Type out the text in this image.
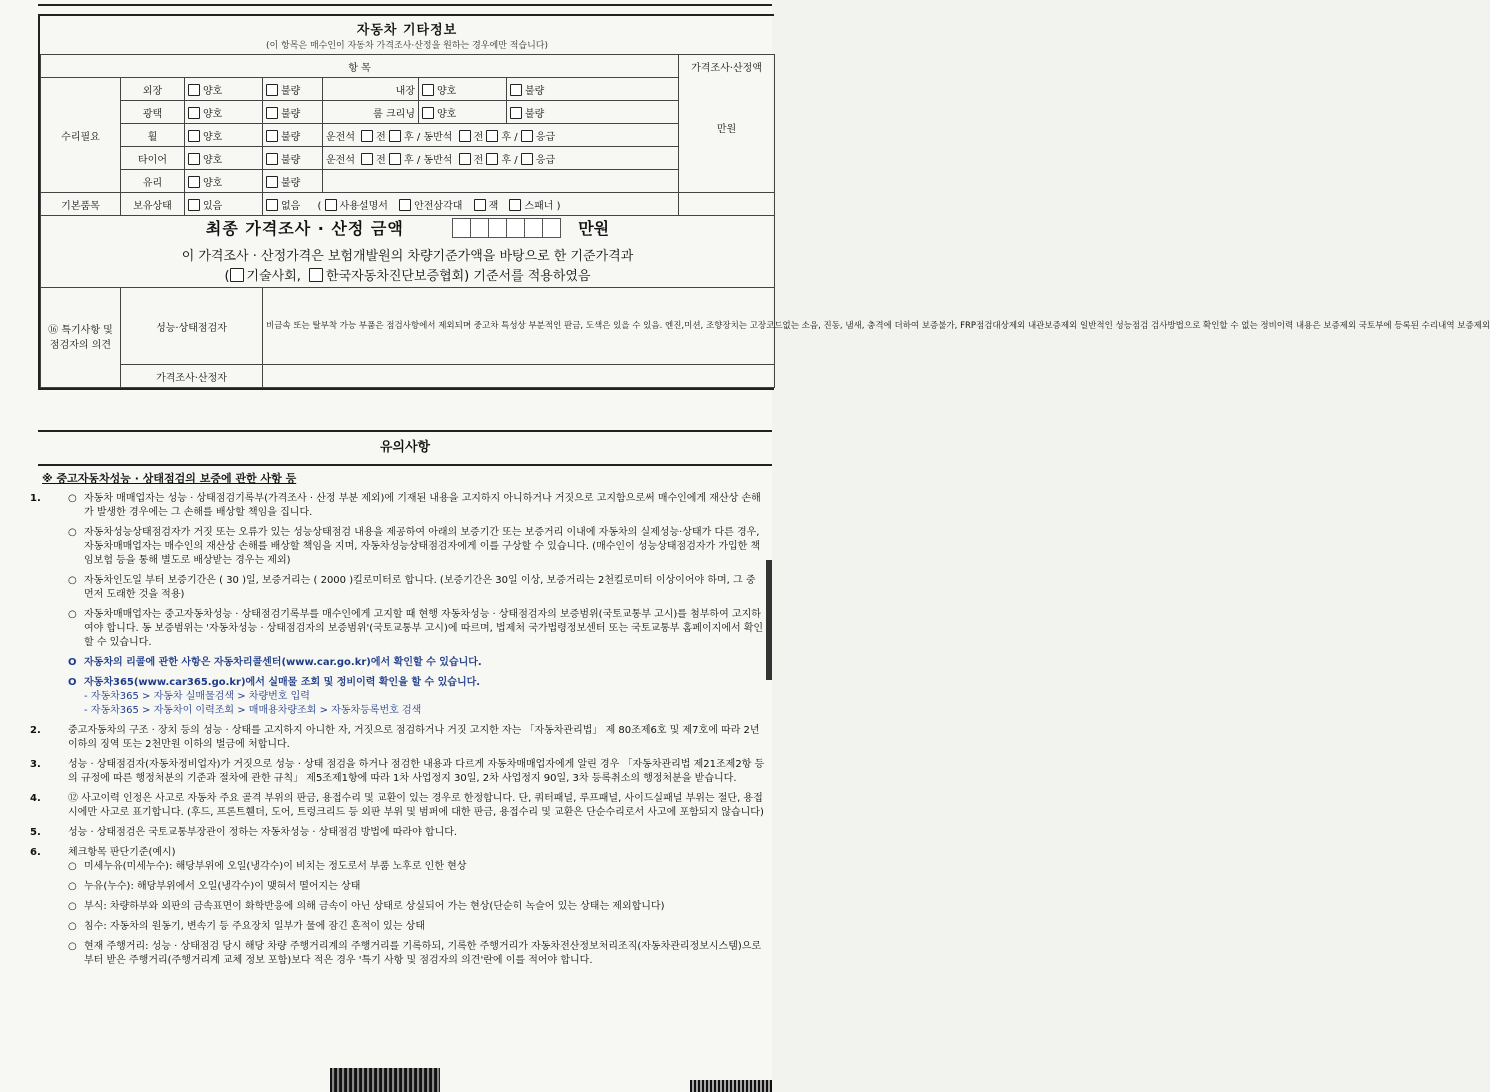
자동차 기타정보
(이 항목은 매수인이 자동차 가격조사·산정을 원하는 경우에만 적습니다)
항 목							가격조사·산정액
만원

수리필요	외장	양호	불량	내장	양호	불량	
	광택	양호	불량	룸 크리닝	양호	불량	
	휠	양호	불량	운전석 전 후 / 동반석 전 후 / 응급			
	타이어	양호	불량	운전석 전 후 / 동반석 전 후 / 응급			
	유리	양호	불량				
기본품목	보유상태	있음	없음 ( 사용설명서 안전삼각대 잭 스패너 )				

최종 가격조사 · 산정 금액 만원
이 가격조사 · 산정가격은 보험개발원의 차량기준가액을 바탕으로 한 기준가격과
( 기술사회, 한국자동차진단보증협회) 기준서를 적용하였음							

⑯ 특기사항 및 점검자의 의견	성능·상태점검자		비금속 또는 탈부착 가능 부품은 점검사항에서 제외되며 중고차 특성상 부분적인 판금, 도색은 있을 수 있음. 엔진,미션, 조향장치는 고장코드없는 소음, 진동, 냄새, 충격에 더하여 보증불가, FRP점검대상제외 내관보증제외 일반적인 성능점검 검사방법으로 확인할 수 없는 정비이력 내용은 보증제외 국토부에 등록된 수리내역 보증제외				
	가격조사·산정자						
유의사항
※ 중고자동차성능 · 상태점검의 보증에 관한 사항 등
1.	○ 자동차 매매업자는 성능 · 상태점검기록부(가격조사 · 산정 부분 제외)에 기재된 내용을 고지하지 아니하거나 거짓으로 고지함으로써 매수인에게 재산상 손해가 발생한 경우에는 그 손해를 배상할 책임을 집니다.
○ 자동차성능상태점검자가 거짓 또는 오류가 있는 성능상태점검 내용을 제공하여 아래의 보증기간 또는 보증거리 이내에 자동차의 실제성능·상태가 다른 경우, 자동차매매업자는 매수인의 재산상 손해를 배상할 책임을 지며, 자동차성능상태점검자에게 이를 구상할 수 있습니다. (매수인이 성능상태점검자가 가입한 책임보험 등을 통해 별도로 배상받는 경우는 제외)
○ 자동차인도일 부터 보증기간은 ( 30 )일, 보증거리는 ( 2000 )킬로미터로 합니다. (보증기간은 30일 이상, 보증거리는 2천킬로미터 이상이어야 하며, 그 중 먼저 도래한 것을 적용)
○ 자동차매매업자는 중고자동차성능 · 상태점검기록부를 매수인에게 고지할 때 현행 자동차성능 · 상태점검자의 보증범위(국토교통부 고시)를 첨부하여 고지하여야 합니다. 동 보증범위는 '자동차성능 · 상태점검자의 보증범위'(국토교통부 고시)에 따르며, 법제처 국가법령정보센터 또는 국토교통부 홈페이지에서 확인할 수 있습니다.
O 자동차의 리콜에 관한 사항은 자동차리콜센터(www.car.go.kr)에서 확인할 수 있습니다.
O 자동차365(www.car365.go.kr)에서 실매물 조회 및 정비이력 확인을 할 수 있습니다.
- 자동차365 > 자동차 실매물검색 > 차량번호 입력
- 자동차365 > 자동차이 이력조회 > 매매용차량조회 > 자동차등록번호 검색
2.	중고자동차의 구조 · 장치 등의 성능 · 상태를 고지하지 아니한 자, 거짓으로 점검하거나 거짓 고지한 자는 「자동차관리법」 제 80조제6호 및 제7호에 따라 2년 이하의 징역 또는 2천만원 이하의 벌금에 처합니다.
3.	성능 · 상태점검자(자동차정비업자)가 거짓으로 성능 · 상태 점검을 하거나 점검한 내용과 다르게 자동차매매업자에게 알린 경우 「자동차관리법 제21조제2항 등의 규정에 따른 행정처분의 기준과 절차에 관한 규칙」 제5조제1항에 따라 1차 사업정지 30일, 2차 사업정지 90일, 3차 등록취소의 행정처분을 받습니다.
4.	⑫ 사고이력 인정은 사고로 자동차 주요 골격 부위의 판금, 용접수리 및 교환이 있는 경우로 한정합니다. 단, 쿼터패널, 루프패널, 사이드실패널 부위는 절단, 용접 시에만 사고로 표기합니다. (후드, 프론트휀더, 도어, 트렁크리드 등 외판 부위 및 범퍼에 대한 판금, 용접수리 및 교환은 단순수리로서 사고에 포함되지 않습니다)
5.	성능 · 상태점검은 국토교통부장관이 정하는 자동차성능 · 상태점검 방법에 따라야 합니다.
6.	체크항목 판단기준(예시)
○ 미세누유(미세누수): 해당부위에 오일(냉각수)이 비치는 정도로서 부품 노후로 인한 현상
○ 누유(누수): 해당부위에서 오일(냉각수)이 맺혀서 떨어지는 상태
○ 부식: 차량하부와 외판의 금속표면이 화학반응에 의해 금속이 아닌 상태로 상실되어 가는 현상(단순히 녹슬어 있는 상태는 제외합니다)
○ 침수: 자동차의 원동기, 변속기 등 주요장치 일부가 물에 잠긴 흔적이 있는 상태
○ 현재 주행거리: 성능 · 상태점검 당시 해당 차량 주행거리계의 주행거리를 기록하되, 기록한 주행거리가 자동차전산정보처리조직(자동차관리정보시스템)으로부터 받은 주행거리(주행거리계 교체 정보 포함)보다 적은 경우 '특기 사항 및 점검자의 의견'란에 이를 적어야 합니다.
